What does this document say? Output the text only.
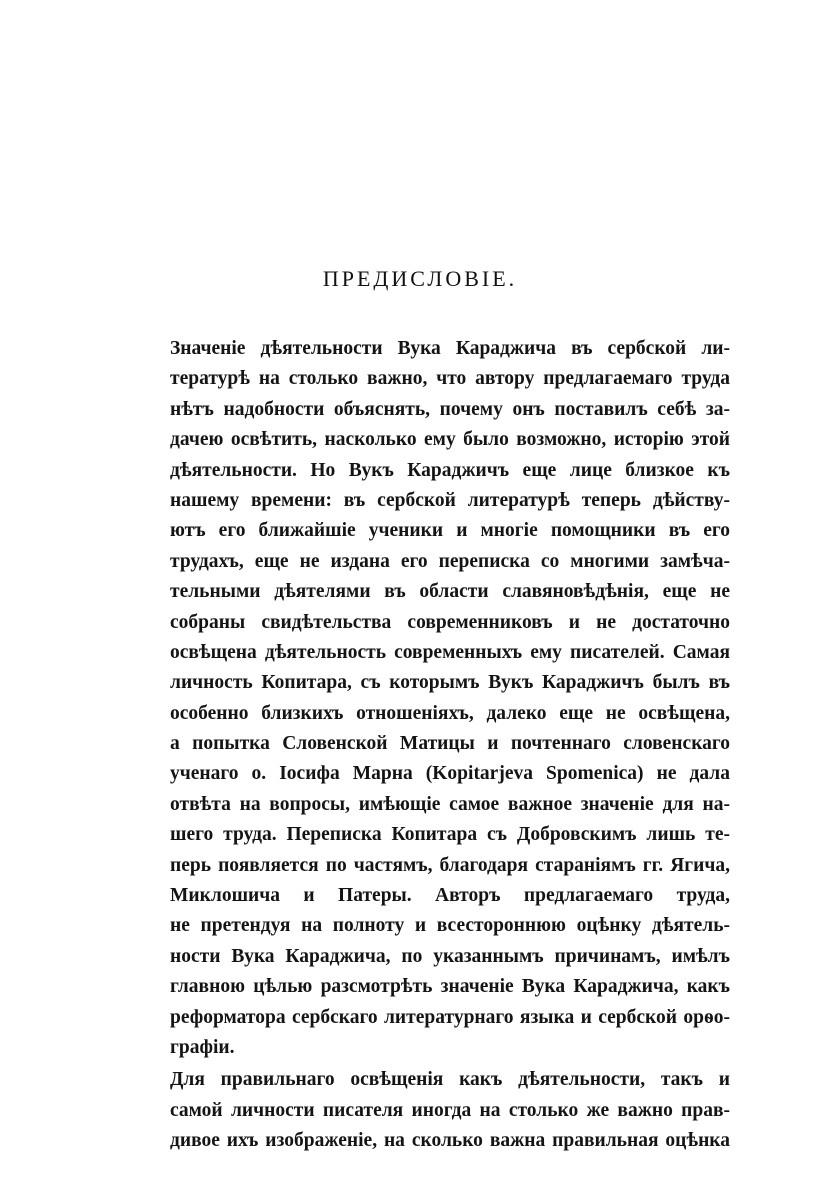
ПРЕДИСЛОВІЕ.
Значеніе дѣятельности Вука Караджича въ сербской ли-
тературѣ на столько важно, что автору предлагаемаго труда
нѣтъ надобности объяснять, почему онъ поставилъ себѣ за-
дачею освѣтить, насколько ему было возможно, исторію этой
дѣятельности. Но Вукъ Караджичъ еще лице близкое къ
нашему времени: въ сербской литературѣ теперь дѣйству-
ютъ его ближайшіе ученики и многіе помощники въ его
трудахъ, еще не издана его переписка со многими замѣча-
тельными дѣятелями въ области славяновѣдѣнія, еще не
собраны свидѣтельства современниковъ и не достаточно
освѣщена дѣятельность современныхъ ему писателей. Самая
личность Копитара, съ которымъ Вукъ Караджичъ былъ въ
особенно близкихъ отношеніяхъ, далеко еще не освѣщена,
а попытка Словенской Матицы и почтеннаго словенскаго
ученаго о. Іосифа Марна (Kopitarjeva Spomenica) не дала
отвѣта на вопросы, имѣющіе самое важное значеніе для на-
шего труда. Переписка Копитара съ Добровскимъ лишь те-
перь появляется по частямъ, благодаря стараніямъ гг. Ягича,
Миклошича и Патеры. Авторъ предлагаемаго труда,
не претендуя на полноту и всестороннюю оцѣнку дѣятель-
ности Вука Караджича, по указаннымъ причинамъ, имѣлъ
главною цѣлью разсмотрѣть значеніе Вука Караджича, какъ
реформатора сербскаго литературнаго языка и сербской орѳо-
графіи.
Для правильнаго освѣщенія какъ дѣятельности, такъ и
самой личности писателя иногда на столько же важно прав-
дивое ихъ изображеніе, на сколько важна правильная оцѣнка
